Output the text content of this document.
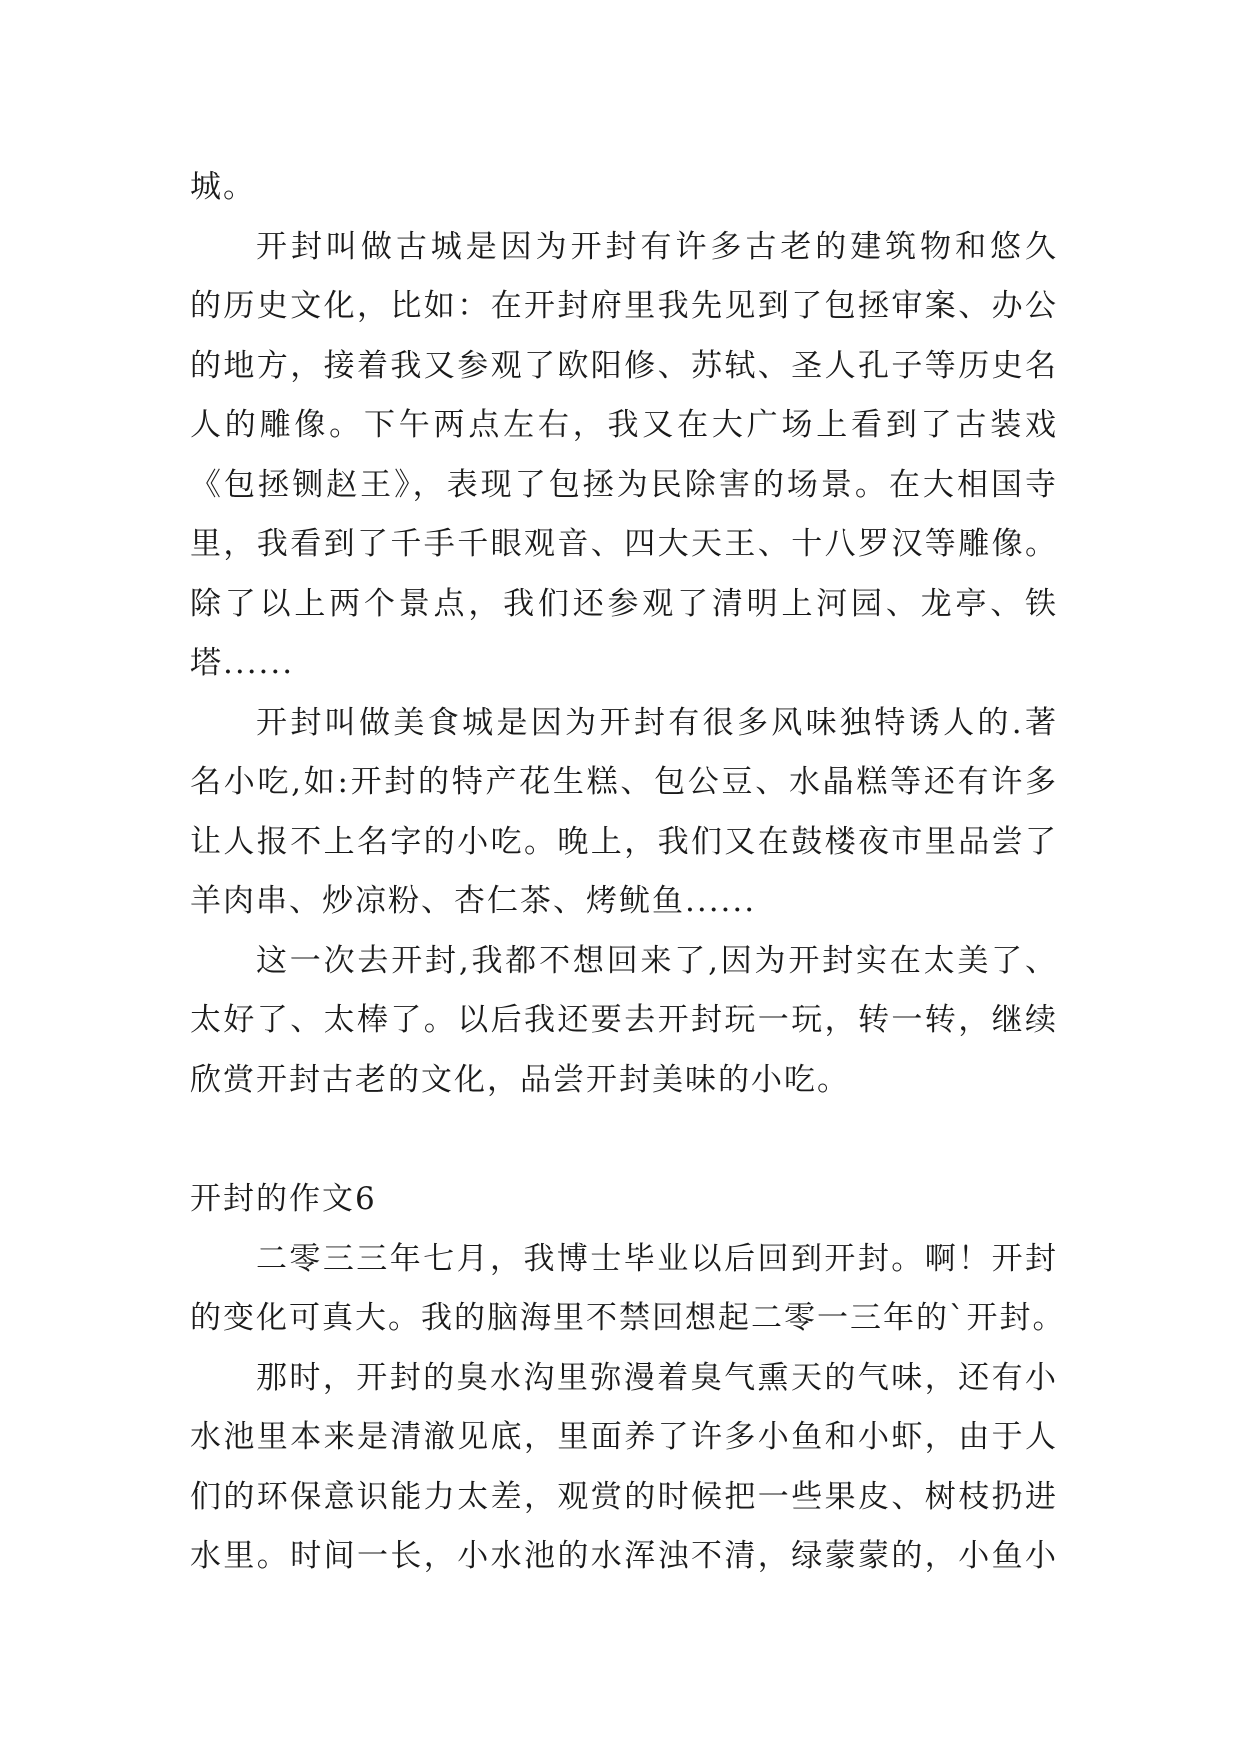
城。
开封叫做古城是因为开封有许多古老的建筑物和悠久
的历史文化，比如：在开封府里我先见到了包拯审案、办公
的地方，接着我又参观了欧阳修、苏轼、圣人孔子等历史名
人的雕像。下午两点左右，我又在大广场上看到了古装戏
《包拯铡赵王》，表现了包拯为民除害的场景。在大相国寺
里，我看到了千手千眼观音、四大天王、十八罗汉等雕像。
除了以上两个景点，我们还参观了清明上河园、龙亭、铁
塔......
开封叫做美食城是因为开封有很多风味独特诱人的.著
名小吃,如:开封的特产花生糕、包公豆、水晶糕等还有许多
让人报不上名字的小吃。晚上，我们又在鼓楼夜市里品尝了
羊肉串、炒凉粉、杏仁茶、烤鱿鱼......
这一次去开封,我都不想回来了,因为开封实在太美了、
太好了、太棒了。以后我还要去开封玩一玩，转一转，继续
欣赏开封古老的文化，品尝开封美味的小吃。
开封的作文6
二零三三年七月，我博士毕业以后回到开封。啊！开封
的变化可真大。我的脑海里不禁回想起二零一三年的`开封。
那时，开封的臭水沟里弥漫着臭气熏天的气味，还有小
水池里本来是清澈见底，里面养了许多小鱼和小虾，由于人
们的环保意识能力太差，观赏的时候把一些果皮、树枝扔进
水里。时间一长，小水池的水浑浊不清，绿蒙蒙的，小鱼小
